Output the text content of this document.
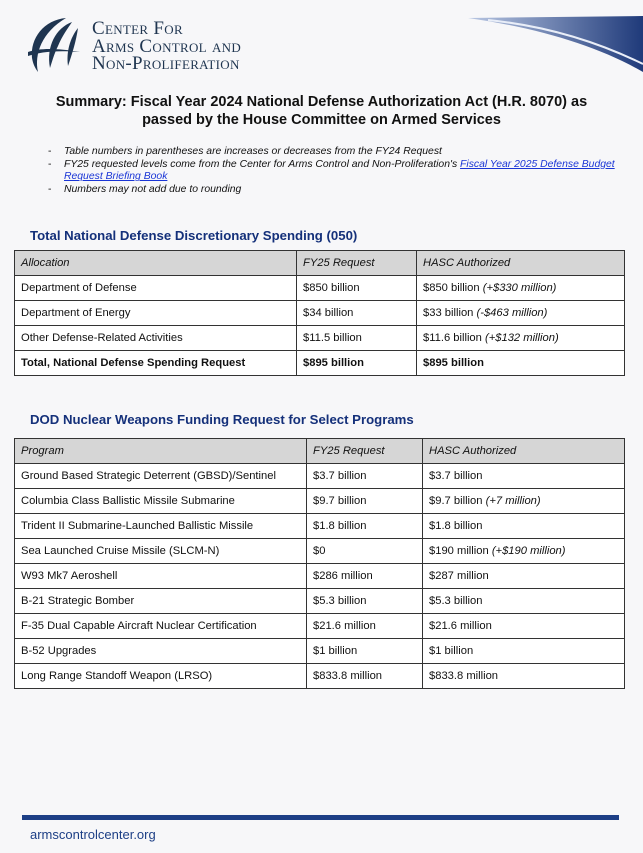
Center For
Arms Control and
Non-Proliferation
Summary: Fiscal Year 2024 National Defense Authorization Act (H.R. 8070) as passed by the House Committee on Armed Services
- Table numbers in parentheses are increases or decreases from the FY24 Request
- FY25 requested levels come from the Center for Arms Control and Non-Proliferation's Fiscal Year 2025 Defense Budget Request Briefing Book
- Numbers may not add due to rounding
Total National Defense Discretionary Spending (050)
Allocation	FY25 Request	HASC Authorized
Department of Defense	$850 billion	$850 billion (+$330 million)
Department of Energy	$34 billion	$33 billion (-$463 million)
Other Defense-Related Activities	$11.5 billion	$11.6 billion (+$132 million)
Total, National Defense Spending Request	$895 billion	$895 billion
DOD Nuclear Weapons Funding Request for Select Programs
Program	FY25 Request	HASC Authorized
Ground Based Strategic Deterrent (GBSD)/Sentinel	$3.7 billion	$3.7 billion
Columbia Class Ballistic Missile Submarine	$9.7 billion	$9.7 billion (+7 million)
Trident II Submarine-Launched Ballistic Missile	$1.8 billion	$1.8 billion
Sea Launched Cruise Missile (SLCM-N)	$0	$190 million (+$190 million)
W93 Mk7 Aeroshell	$286 million	$287 million
B-21 Strategic Bomber	$5.3 billion	$5.3 billion
F-35 Dual Capable Aircraft Nuclear Certification	$21.6 million	$21.6 million
B-52 Upgrades	$1 billion	$1 billion
Long Range Standoff Weapon (LRSO)	$833.8 million	$833.8 million
armscontrolcenter.org
